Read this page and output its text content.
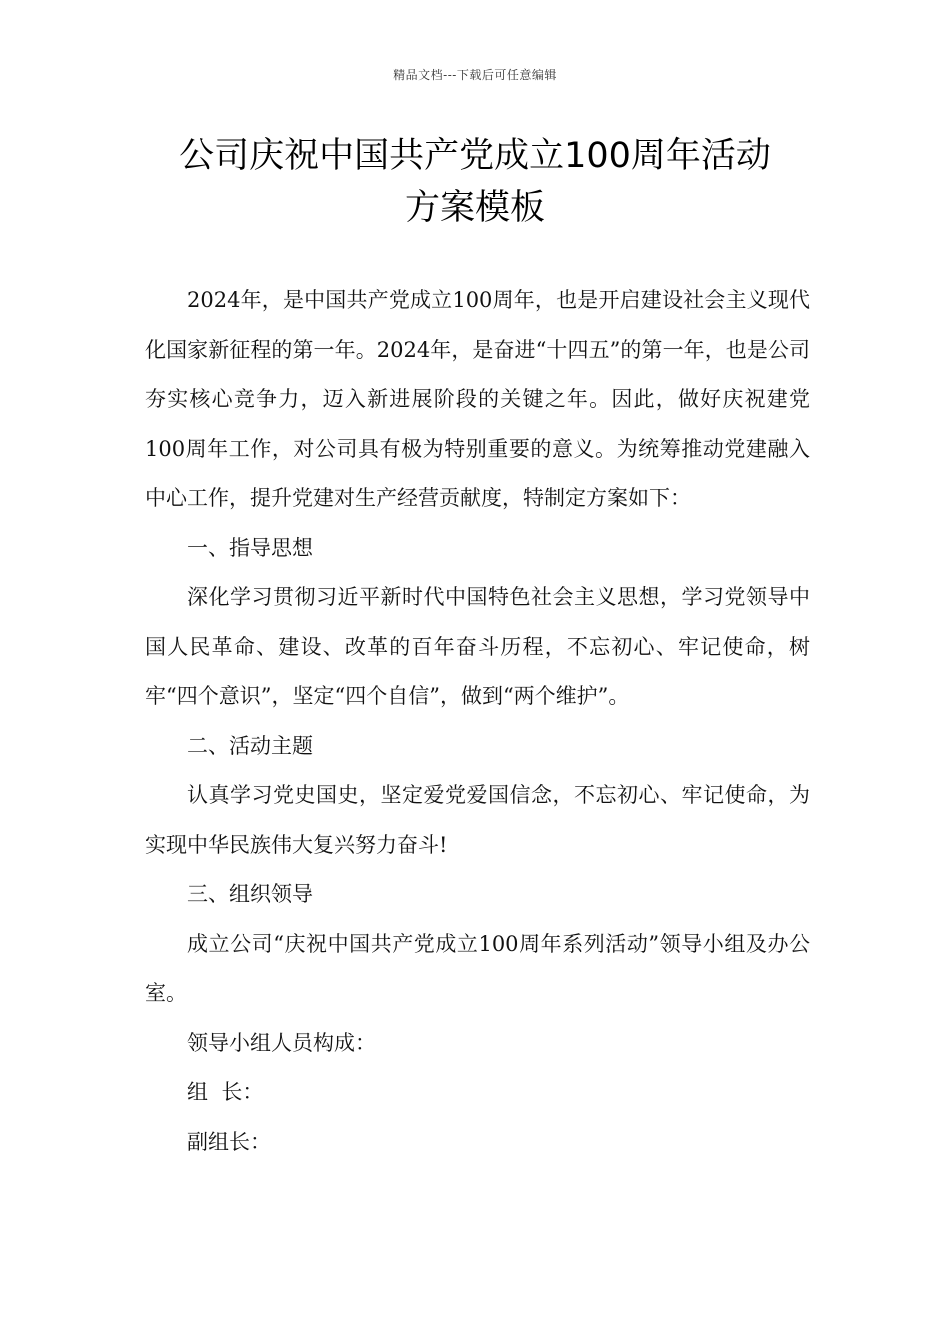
精品文档---下载后可任意编辑
公司庆祝中国共产党成立100周年活动
方案模板

2024年，是中国共产党成立100周年，也是开启建设社会主义现代化国家新征程的第一年。2024年，是奋进“十四五”的第一年，也是公司夯实核心竞争力，迈入新进展阶段的关键之年。因此，做好庆祝建党100周年工作，对公司具有极为特别重要的意义。为统筹推动党建融入中心工作，提升党建对生产经营贡献度，特制定方案如下：

一、指导思想

深化学习贯彻习近平新时代中国特色社会主义思想，学习党领导中国人民革命、建设、改革的百年奋斗历程，不忘初心、牢记使命，树牢“四个意识”，坚定“四个自信”，做到“两个维护”。

二、活动主题

认真学习党史国史，坚定爱党爱国信念，不忘初心、牢记使命，为实现中华民族伟大复兴努力奋斗!

三、组织领导

成立公司“庆祝中国共产党成立100周年系列活动”领导小组及办公室。

领导小组人员构成：

组  长：

副组长：
